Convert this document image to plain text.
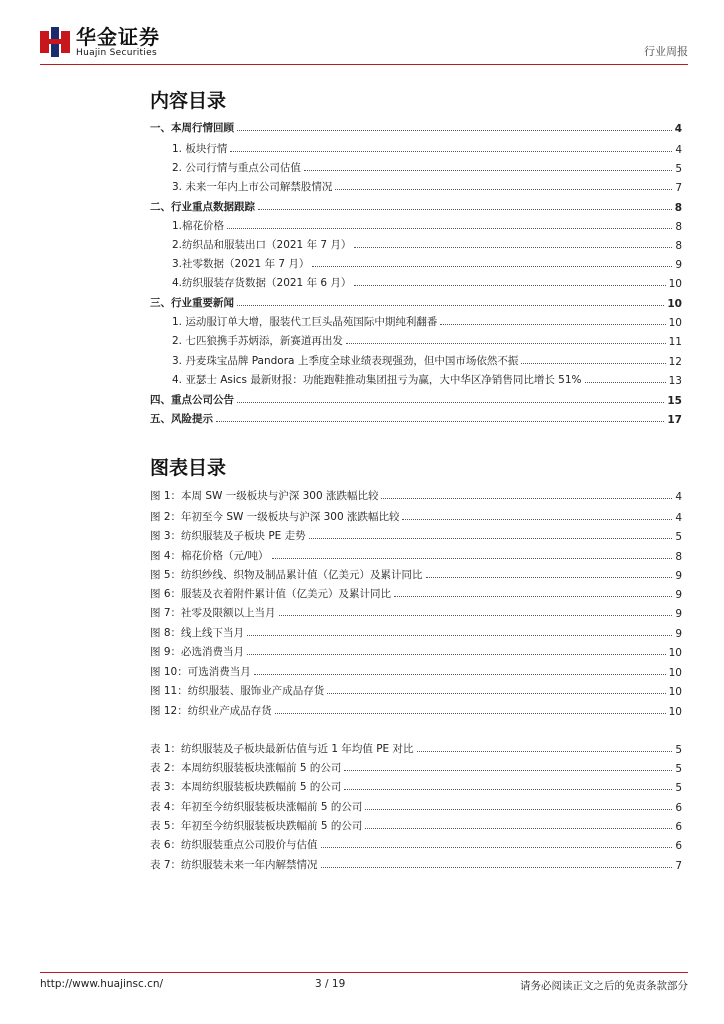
华金证券
Huajin Securities	行业周报
内容目录
一、本周行情回顾	4
1. 板块行情	4
2. 公司行情与重点公司估值	5
3. 未来一年内上市公司解禁股情况	7
二、行业重点数据跟踪	8
1.棉花价格	8
2.纺织品和服装出口（2021 年 7 月）	8
3.社零数据（2021 年 7 月）	9
4.纺织服装存货数据（2021 年 6 月）	10
三、行业重要新闻	10
1. 运动服订单大增，服装代工巨头晶苑国际中期纯利翻番	10
2. 七匹狼携手苏炳添，新赛道再出发	11
3. 丹麦珠宝品牌 Pandora 上季度全球业绩表现强劲，但中国市场依然不振	12
4. 亚瑟士 Asics 最新财报：功能跑鞋推动集团扭亏为赢，大中华区净销售同比增长 51%	13
四、重点公司公告	15
五、风险提示	17
图表目录
图 1：本周 SW 一级板块与沪深 300 涨跌幅比较	4
图 2：年初至今 SW 一级板块与沪深 300 涨跌幅比较	4
图 3：纺织服装及子板块 PE 走势	5
图 4：棉花价格（元/吨）	8
图 5：纺织纱线、织物及制品累计值（亿美元）及累计同比	9
图 6：服装及衣着附件累计值（亿美元）及累计同比	9
图 7：社零及限额以上当月	9
图 8：线上线下当月	9
图 9：必选消费当月	10
图 10：可选消费当月	10
图 11：纺织服装、服饰业产成品存货	10
图 12：纺织业产成品存货	10
表 1：纺织服装及子板块最新估值与近 1 年均值 PE 对比	5
表 2：本周纺织服装板块涨幅前 5 的公司	5
表 3：本周纺织服装板块跌幅前 5 的公司	5
表 4：年初至今纺织服装板块涨幅前 5 的公司	6
表 5：年初至今纺织服装板块跌幅前 5 的公司	6
表 6：纺织服装重点公司股价与估值	6
表 7：纺织服装未来一年内解禁情况	7
http://www.huajinsc.cn/	3 / 19	请务必阅读正文之后的免责条款部分
